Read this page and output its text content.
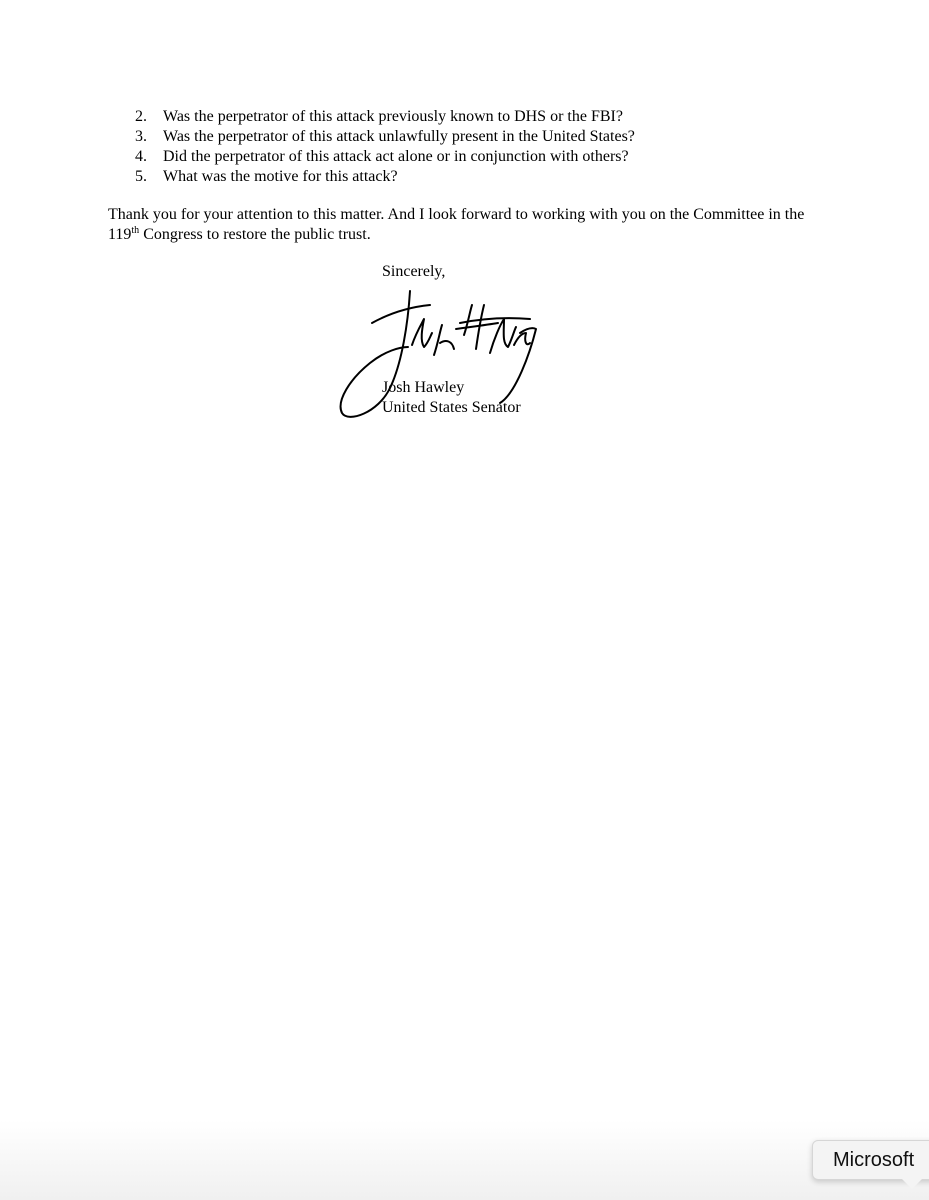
2.	Was the perpetrator of this attack previously known to DHS or the FBI?
3.	Was the perpetrator of this attack unlawfully present in the United States?
4.	Did the perpetrator of this attack act alone or in conjunction with others?
5.	What was the motive for this attack?

Thank you for your attention to this matter. And I look forward to working with you on the Committee in the 119th Congress to restore the public trust.

Sincerely,
Josh Hawley
United States Senator
Microsoft
